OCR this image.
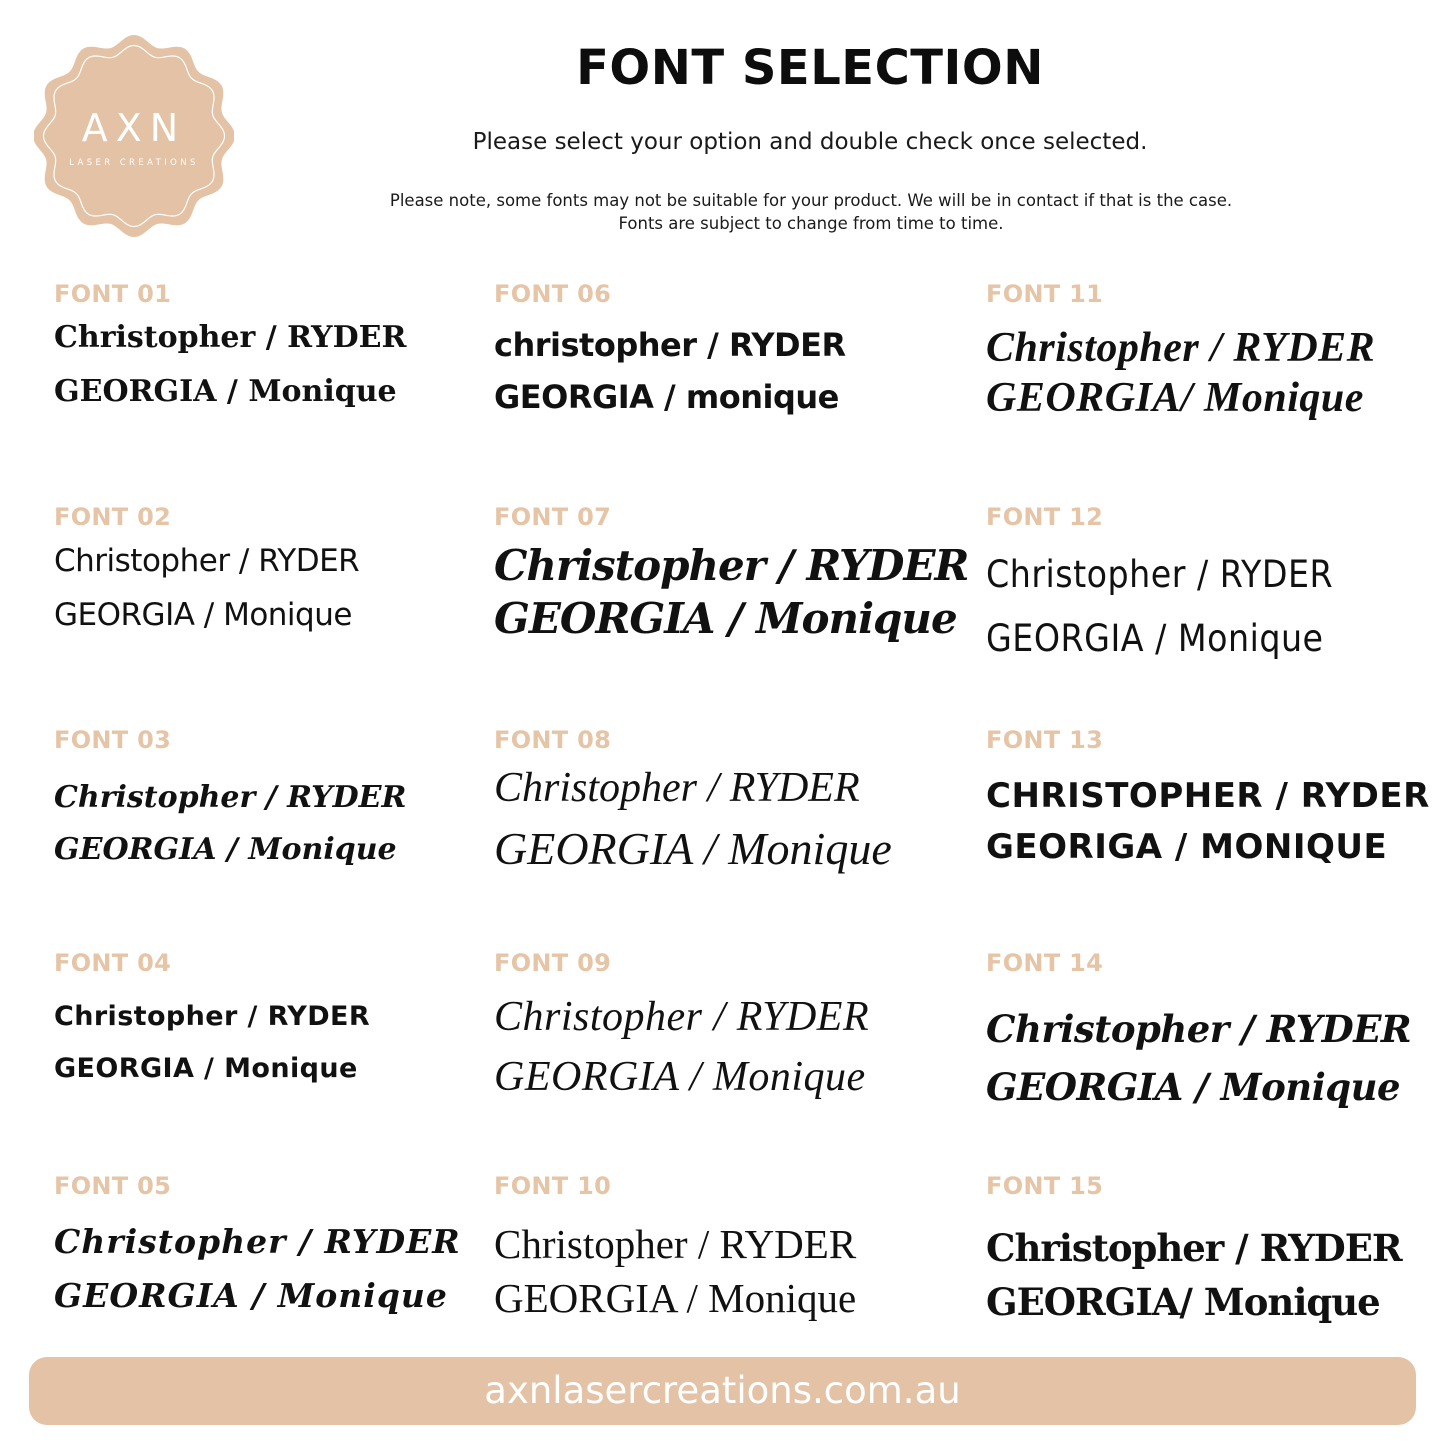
AXN
LASER CREATIONS
FONT SELECTION
Please select your option and double check once selected.
Please note, some fonts may not be suitable for your product. We will be in contact if that is the case.
Fonts are subject to change from time to time.
FONT 01
Christopher / RYDER
GEORGIA / Monique
FONT 02
Christopher / RYDER
GEORGIA / Monique
FONT 03
Christopher / RYDER
GEORGIA / Monique
FONT 04
Christopher / RYDER
GEORGIA / Monique
FONT 05
Christopher / RYDER
GEORGIA / Monique
FONT 06
christopher / RYDER
GEORGIA / monique
FONT 07
Christopher / RYDER
GEORGIA / Monique
FONT 08
Christopher / RYDER
GEORGIA / Monique
FONT 09
Christopher / RYDER
GEORGIA / Monique
FONT 10
Christopher / RYDER
GEORGIA / Monique
FONT 11
Christopher / RYDER
GEORGIA/ Monique
FONT 12
Christopher / RYDER
GEORGIA / Monique
FONT 13
CHRISTOPHER / RYDER
GEORIGA / MONIQUE
FONT 14
Christopher / RYDER
GEORGIA / Monique
FONT 15
Christopher / RYDER
GEORGIA/ Monique
axnlasercreations.com.au
